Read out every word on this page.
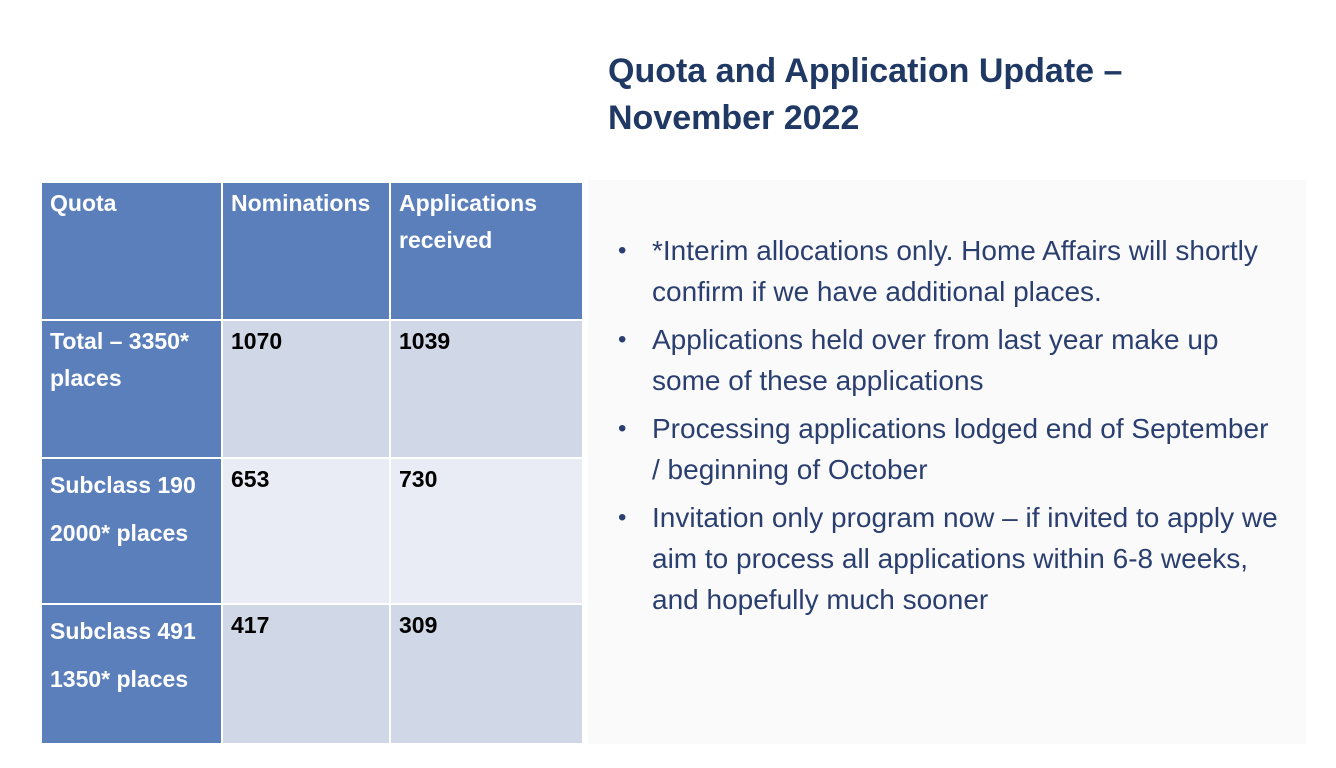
Quota and Application Update –
November 2022
Quota	Nominations	Applications received

Total – 3350*
places	1070	1039

Subclass 190
2000* places	653	730

Subclass 491
1350* places	417	309
• *Interim allocations only. Home Affairs will shortly confirm if we have additional places.
• Applications held over from last year make up some of these applications
• Processing applications lodged end of September / beginning of October
• Invitation only program now – if invited to apply we aim to process all applications within 6-8 weeks, and hopefully much sooner
